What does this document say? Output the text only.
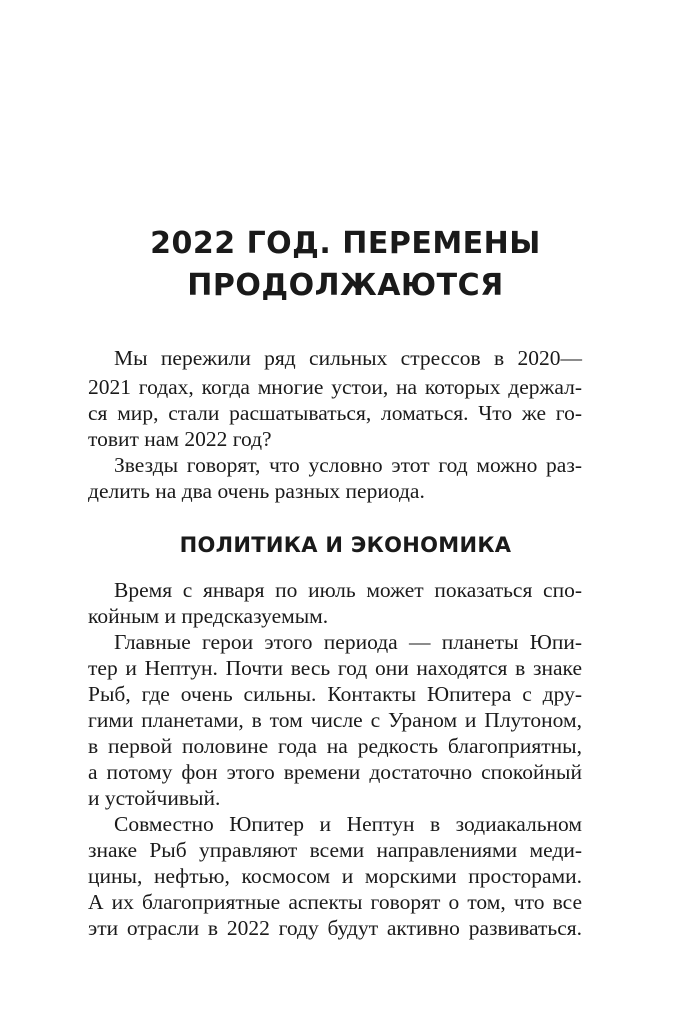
2022 ГОД. ПЕРЕМЕНЫ
ПРОДОЛЖАЮТСЯ
Мы пережили ряд сильных стрессов в 2020—
2021 годах, когда многие устои, на которых держал-
ся мир, стали расшатываться, ломаться. Что же го-
товит нам 2022 год?
Звезды говорят, что условно этот год можно раз-
делить на два очень разных периода.
ПОЛИТИКА И ЭКОНОМИКА
Время с января по июль может показаться спо-
койным и предсказуемым.
Главные герои этого периода — планеты Юпи-
тер и Нептун. Почти весь год они находятся в знаке
Рыб, где очень сильны. Контакты Юпитера с дру-
гими планетами, в том числе с Ураном и Плутоном,
в первой половине года на редкость благоприятны,
а потому фон этого времени достаточно спокойный
и устойчивый.
Совместно Юпитер и Нептун в зодиакальном
знаке Рыб управляют всеми направлениями меди-
цины, нефтью, космосом и морскими просторами.
А их благоприятные аспекты говорят о том, что все
эти отрасли в 2022 году будут активно развиваться.
